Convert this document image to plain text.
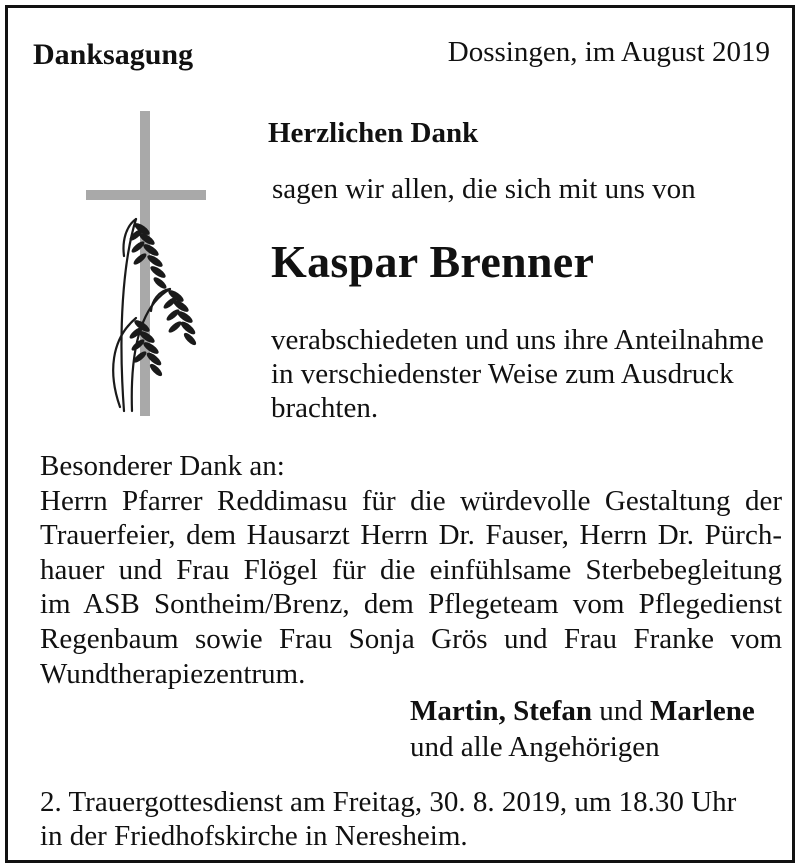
Danksagung	Dossingen, im August 2019
Herzlichen Dank
sagen wir allen, die sich mit uns von
Kaspar Brenner
verabschiedeten und uns ihre Anteilnahme
in verschiedenster Weise zum Ausdruck
brachten.
Besonderer Dank an:
Herrn Pfarrer Reddimasu für die würdevolle Gestaltung der
Trauerfeier, dem Hausarzt Herrn Dr. Fauser, Herrn Dr. Pürch-
hauer und Frau Flögel für die einfühlsame Sterbebegleitung
im ASB Sontheim/Brenz, dem Pflegeteam vom Pflegedienst
Regenbaum sowie Frau Sonja Grös und Frau Franke vom
Wundtherapiezentrum.
Martin, Stefan und Marlene
und alle Angehörigen
2. Trauergottesdienst am Freitag, 30. 8. 2019, um 18.30 Uhr
in der Friedhofskirche in Neresheim.
